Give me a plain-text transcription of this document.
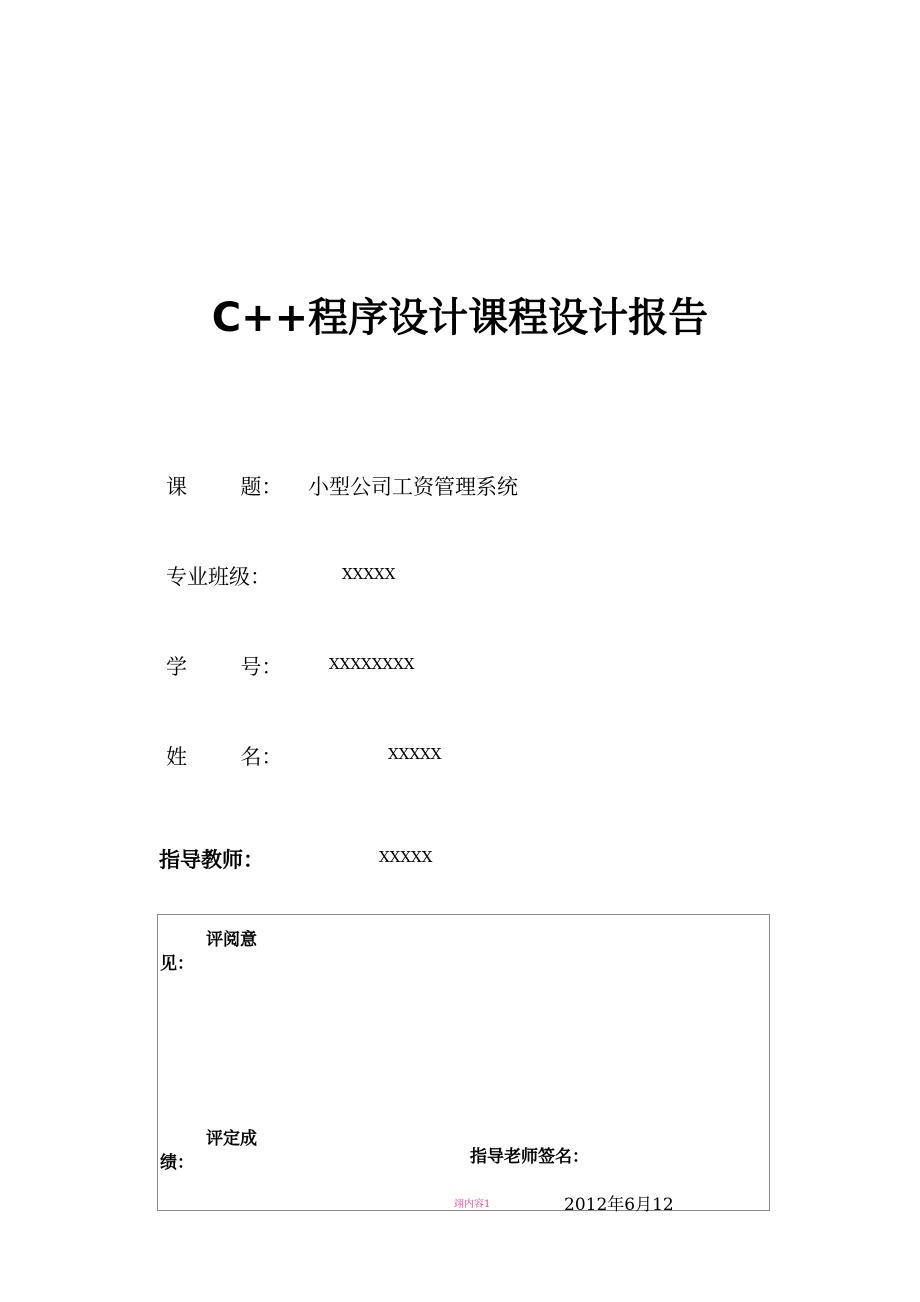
C++程序设计课程设计报告
课        题： 小型公司工资管理系统
专业班级：	XXXXX
学        号：	XXXXXXXX
姓        名：	XXXXX
指导教师：	XXXXX
评阅意
见：
评定成
绩：	指导老师签名：
翊内容1	2012年6月12
